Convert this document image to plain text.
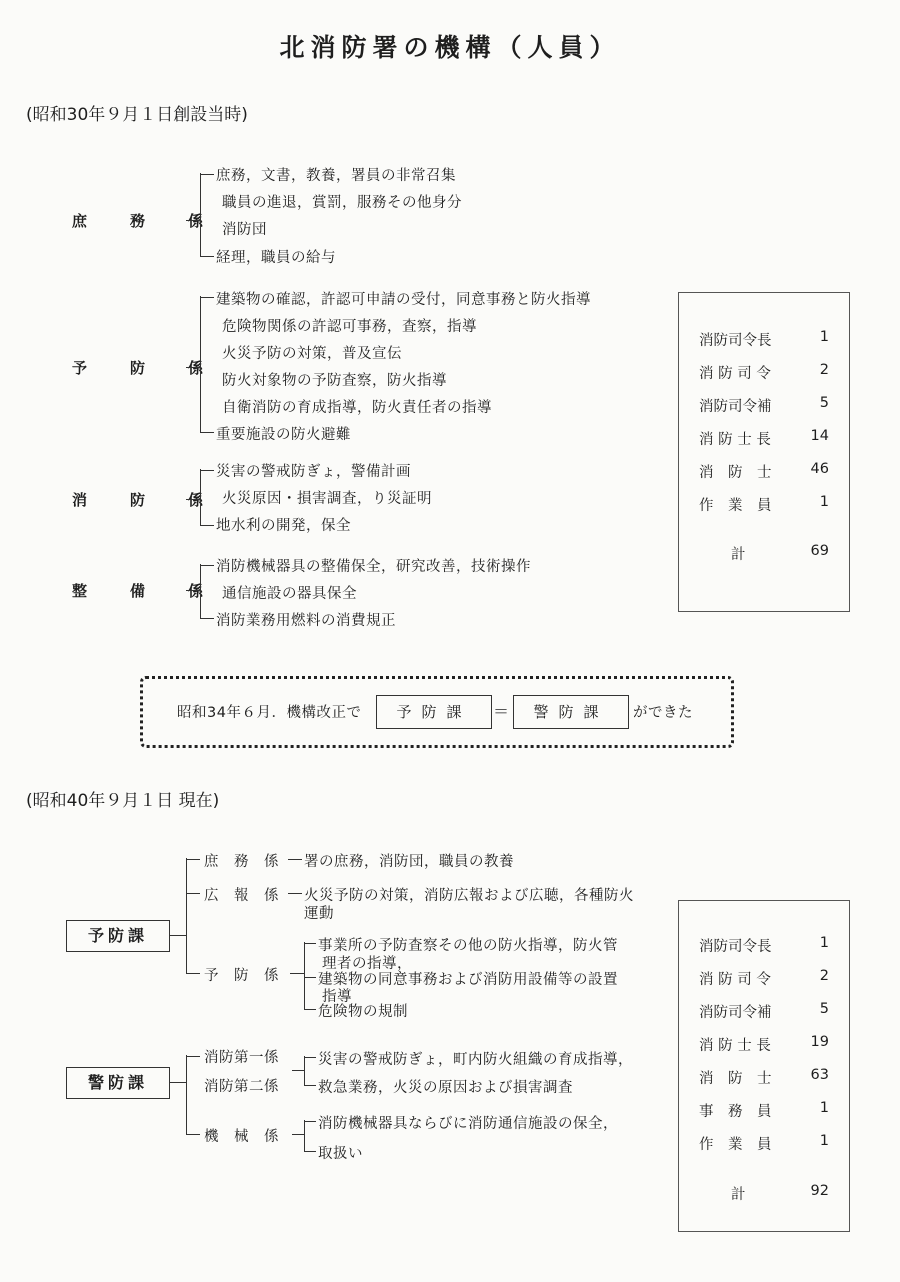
北消防署の機構（人員）
(昭和30年９月１日創設当時)
庶　務　係
庶務，文書，教養，署員の非常召集
職員の進退，賞罰，服務その他身分
消防団
経理，職員の給与
予　防　係
建築物の確認，許認可申請の受付，同意事務と防火指導
危険物関係の許認可事務，査察，指導
火災予防の対策，普及宣伝
防火対象物の予防査察，防火指導
自衛消防の育成指導，防火責任者の指導
重要施設の防火避難
消　防　係
災害の警戒防ぎょ，警備計画
火災原因・損害調査，り災証明
地水利の開発，保全
整　備　係
消防機械器具の整備保全，研究改善，技術操作
通信施設の器具保全
消防業務用燃料の消費規正
消防司令長	1
消 防 司 令	2
消防司令補	5
消 防 士 長	14
消　防　士	46
作　業　員	1
計	69
昭和34年６月．機構改正で	予防課	＝	警防課	ができた
(昭和40年９月１日 現在)
予防課
庶　務　係	署の庶務，消防団，職員の教養
広　報　係 火災予防の対策，消防広報および広聴，各種防火
運動
予　防　係
事業所の予防査察その他の防火指導，防火管
理者の指導，
建築物の同意事務および消防用設備等の設置
指導
危険物の規制
警防課
消防第一係
消防第二係
災害の警戒防ぎょ，町内防火組織の育成指導，
救急業務，火災の原因および損害調査
機　械　係
消防機械器具ならびに消防通信施設の保全，
取扱い
消防司令長	1
消 防 司 令	2
消防司令補	5
消 防 士 長	19
消　防　士	63
事　務　員	1
作　業　員	1
計	92
